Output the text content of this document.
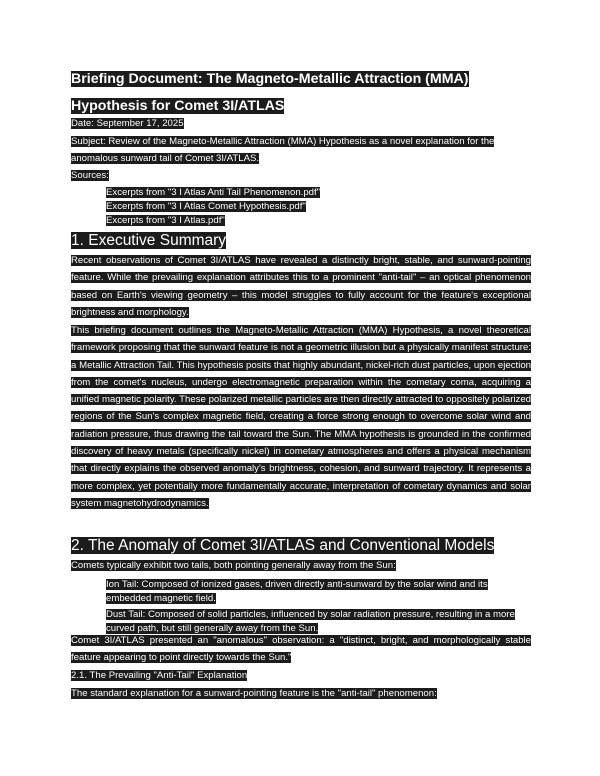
Briefing Document: The Magneto-Metallic Attraction (MMA)
Hypothesis for Comet 3I/ATLAS
Date: September 17, 2025
Subject: Review of the Magneto-Metallic Attraction (MMA) Hypothesis as a novel explanation for the anomalous sunward tail of Comet 3I/ATLAS.
Sources:
Excerpts from "3 I Atlas Anti Tail Phenomenon.pdf"
Excerpts from "3 I Atlas Comet Hypothesis.pdf"
Excerpts from "3 I Atlas.pdf"
1. Executive Summary
Recent observations of Comet 3I/ATLAS have revealed a distinctly bright, stable, and sunward-pointing feature. While the prevailing explanation attributes this to a prominent "anti-tail" – an optical phenomenon based on Earth's viewing geometry – this model struggles to fully account for the feature's exceptional brightness and morphology.
This briefing document outlines the Magneto-Metallic Attraction (MMA) Hypothesis, a novel theoretical framework proposing that the sunward feature is not a geometric illusion but a physically manifest structure: a Metallic Attraction Tail. This hypothesis posits that highly abundant, nickel-rich dust particles, upon ejection from the comet's nucleus, undergo electromagnetic preparation within the cometary coma, acquiring a unified magnetic polarity. These polarized metallic particles are then directly attracted to oppositely polarized regions of the Sun's complex magnetic field, creating a force strong enough to overcome solar wind and radiation pressure, thus drawing the tail toward the Sun. The MMA hypothesis is grounded in the confirmed discovery of heavy metals (specifically nickel) in cometary atmospheres and offers a physical mechanism that directly explains the observed anomaly's brightness, cohesion, and sunward trajectory. It represents a more complex, yet potentially more fundamentally accurate, interpretation of cometary dynamics and solar system magnetohydrodynamics.
2. The Anomaly of Comet 3I/ATLAS and Conventional Models
Comets typically exhibit two tails, both pointing generally away from the Sun:
Ion Tail: Composed of ionized gases, driven directly anti-sunward by the solar wind and its embedded magnetic field.
Dust Tail: Composed of solid particles, influenced by solar radiation pressure, resulting in a more curved path, but still generally away from the Sun.
Comet 3I/ATLAS presented an "anomalous" observation: a "distinct, bright, and morphologically stable feature appearing to point directly towards the Sun."
2.1. The Prevailing "Anti-Tail" Explanation
The standard explanation for a sunward-pointing feature is the "anti-tail" phenomenon:
